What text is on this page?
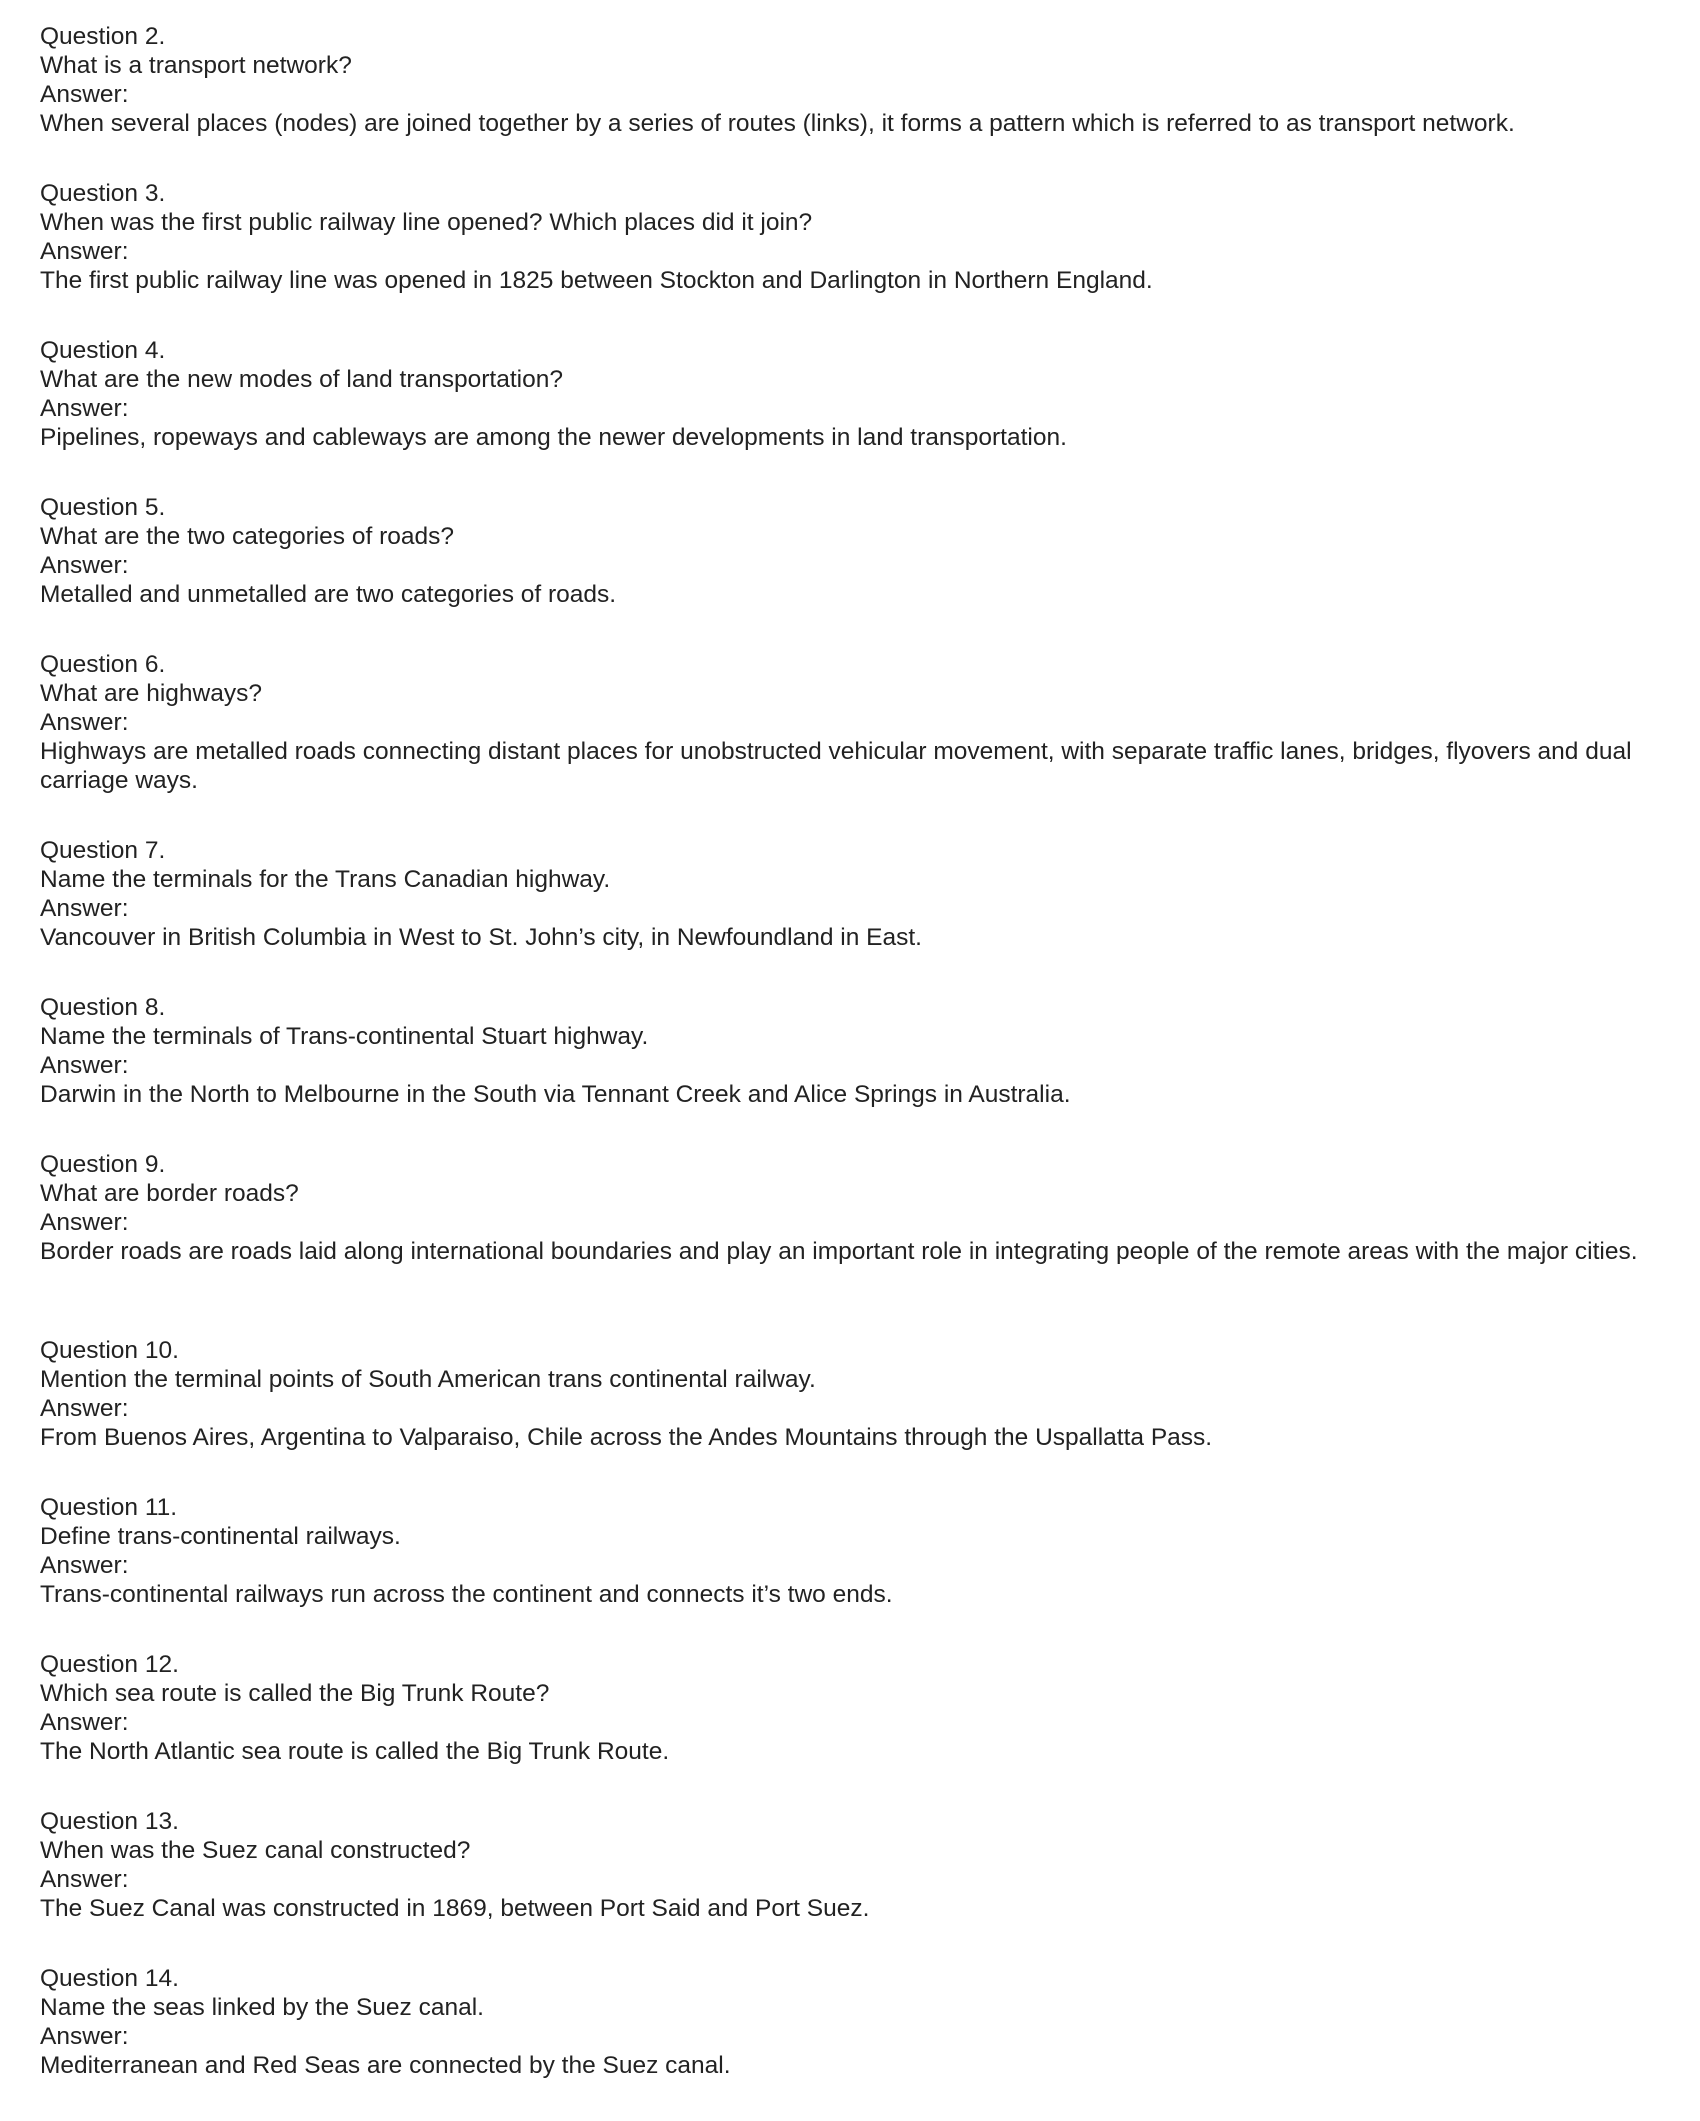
Question 2.
What is a transport network?
Answer:
When several places (nodes) are joined together by a series of routes (links), it forms a pattern which is referred to as transport network.
Question 3.
When was the first public railway line opened? Which places did it join?
Answer:
The first public railway line was opened in 1825 between Stockton and Darlington in Northern England.
Question 4.
What are the new modes of land transportation?
Answer:
Pipelines, ropeways and cableways are among the newer developments in land transportation.
Question 5.
What are the two categories of roads?
Answer:
Metalled and unmetalled are two categories of roads.
Question 6.
What are highways?
Answer:
Highways are metalled roads connecting distant places for unobstructed vehicular movement, with separate traffic lanes, bridges, flyovers and dual carriage ways.
Question 7.
Name the terminals for the Trans Canadian highway.
Answer:
Vancouver in British Columbia in West to St. John’s city, in Newfoundland in East.
Question 8.
Name the terminals of Trans-continental Stuart highway.
Answer:
Darwin in the North to Melbourne in the South via Tennant Creek and Alice Springs in Australia.
Question 9.
What are border roads?
Answer:
Border roads are roads laid along international boundaries and play an important role in integrating people of the remote areas with the major cities.
Question 10.
Mention the terminal points of South American trans continental railway.
Answer:
From Buenos Aires, Argentina to Valparaiso, Chile across the Andes Mountains through the Uspallatta Pass.
Question 11.
Define trans-continental railways.
Answer:
Trans-continental railways run across the continent and connects it’s two ends.
Question 12.
Which sea route is called the Big Trunk Route?
Answer:
The North Atlantic sea route is called the Big Trunk Route.
Question 13.
When was the Suez canal constructed?
Answer:
The Suez Canal was constructed in 1869, between Port Said and Port Suez.
Question 14.
Name the seas linked by the Suez canal.
Answer:
Mediterranean and Red Seas are connected by the Suez canal.
